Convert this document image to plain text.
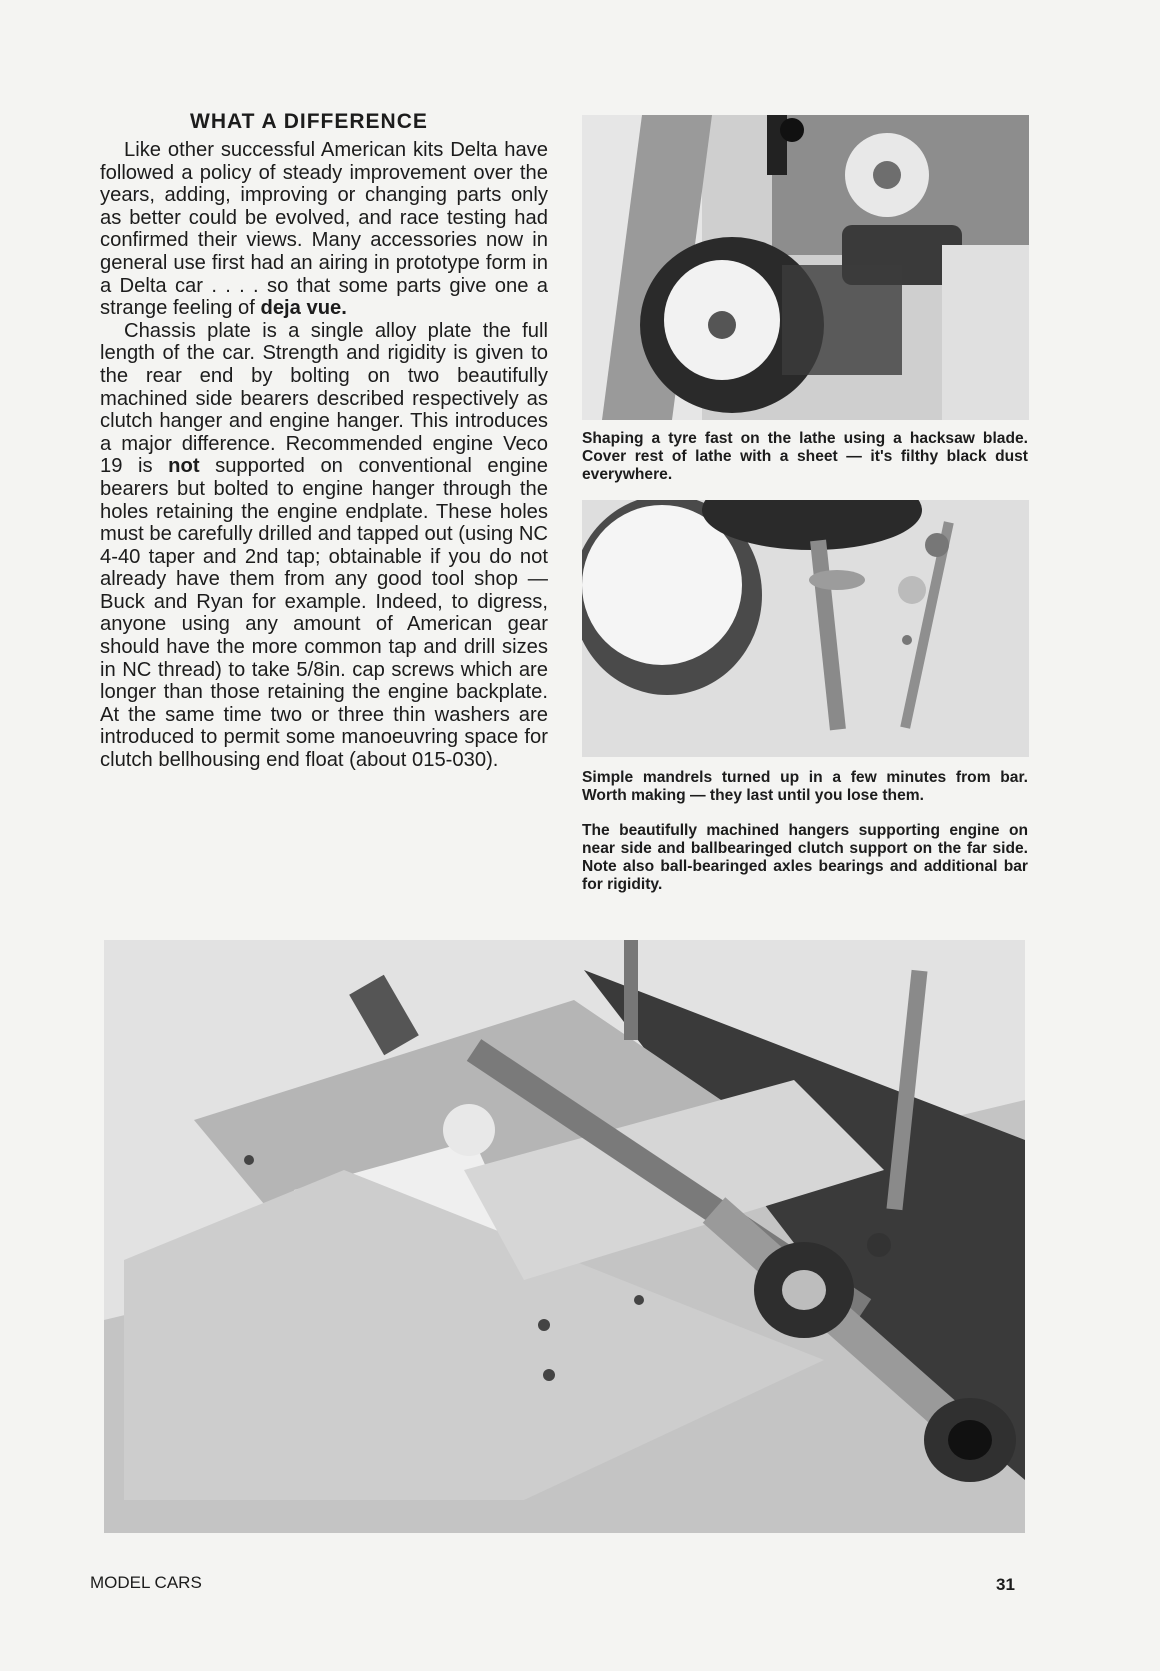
WHAT A DIFFERENCE

Like other successful American kits Delta have followed a policy of steady improvement over the years, adding, improving or changing parts only as better could be evolved, and race testing had confirmed their views. Many accessories now in general use first had an airing in prototype form in a Delta car . . . . so that some parts give one a strange feeling of deja vue.

Chassis plate is a single alloy plate the full length of the car. Strength and rigidity is given to the rear end by bolting on two beautifully machined side bearers described respectively as clutch hanger and engine hanger. This introduces a major difference. Recommended engine Veco 19 is not supported on conventional engine bearers but bolted to engine hanger through the holes retaining the engine endplate. These holes must be carefully drilled and tapped out (using NC 4-40 taper and 2nd tap; obtainable if you do not already have them from any good tool shop — Buck and Ryan for example. Indeed, to digress, anyone using any amount of American gear should have the more common tap and drill sizes in NC thread) to take 5/8in. cap screws which are longer than those retaining the engine backplate. At the same time two or three thin washers are introduced to permit some manoeuvring space for clutch bellhousing end float (about 015-030).

Shaping a tyre fast on the lathe using a hacksaw blade. Cover rest of lathe with a sheet — it's filthy black dust everywhere.

Simple mandrels turned up in a few minutes from bar. Worth making — they last until you lose them.

The beautifully machined hangers supporting engine on near side and ballbearinged clutch support on the far side. Note also ball-bearinged axles bearings and additional bar for rigidity.

MODEL CARS	31
